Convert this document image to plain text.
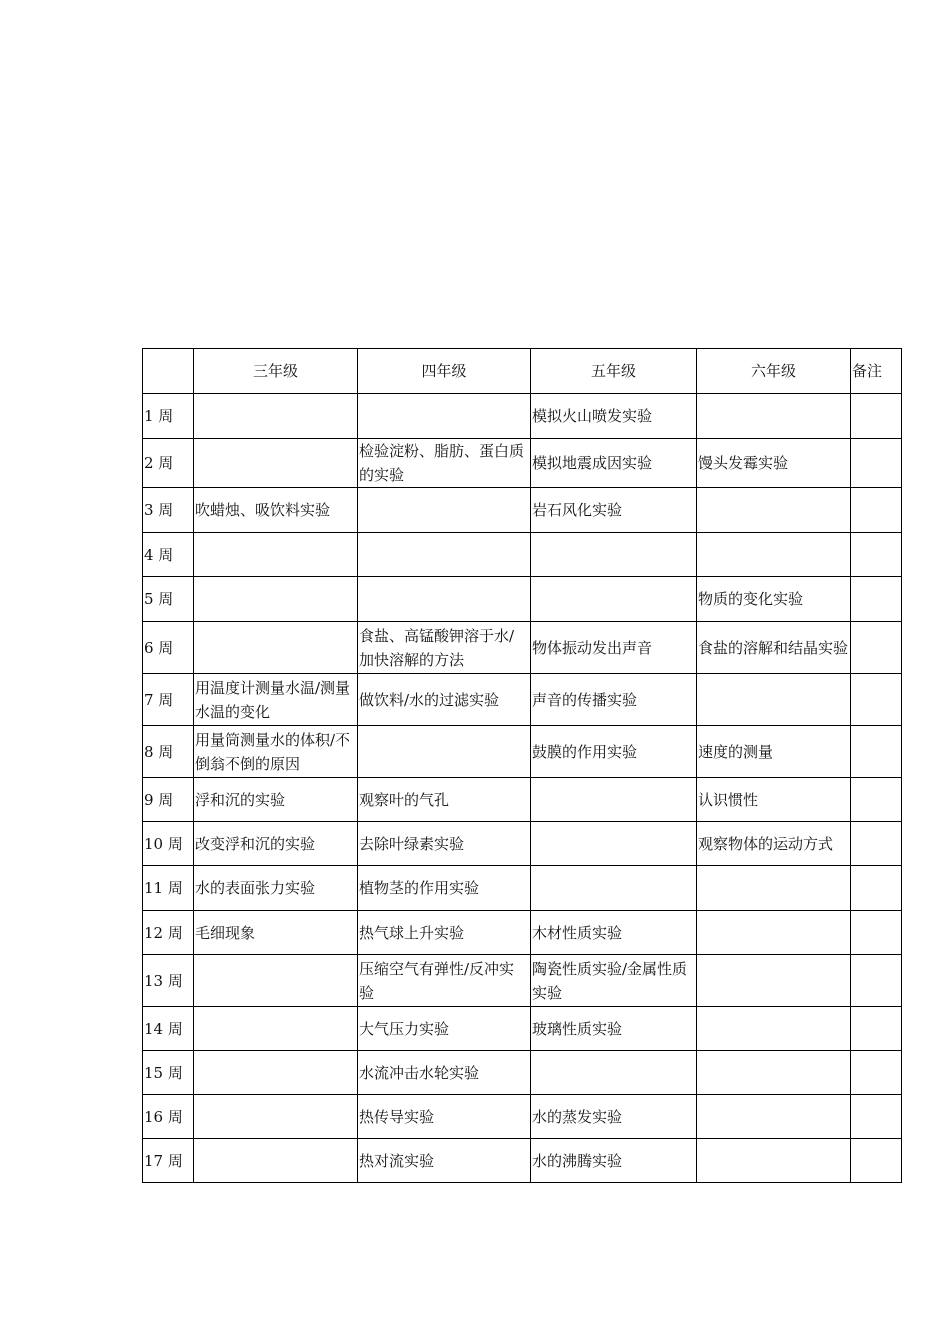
	三年级	四年级	五年级	六年级	备注
1 周			模拟火山喷发实验		
2 周		检验淀粉、脂肪、蛋白质的实验	模拟地震成因实验	馒头发霉实验	
3 周	吹蜡烛、吸饮料实验		岩石风化实验		
4 周					
5 周				物质的变化实验	
6 周		食盐、高锰酸钾溶于水/加快溶解的方法	物体振动发出声音	食盐的溶解和结晶实验	
7 周	用温度计测量水温/测量水温的变化	做饮料/水的过滤实验	声音的传播实验		
8 周	用量筒测量水的体积/不倒翁不倒的原因		鼓膜的作用实验	速度的测量	
9 周	浮和沉的实验	观察叶的气孔		认识惯性	
10 周	改变浮和沉的实验	去除叶绿素实验		观察物体的运动方式	
11 周	水的表面张力实验	植物茎的作用实验			
12 周	毛细现象	热气球上升实验	木材性质实验		
13 周		压缩空气有弹性/反冲实验	陶瓷性质实验/金属性质实验		
14 周		大气压力实验	玻璃性质实验		
15 周		水流冲击水轮实验			
16 周		热传导实验	水的蒸发实验		
17 周		热对流实验	水的沸腾实验		
